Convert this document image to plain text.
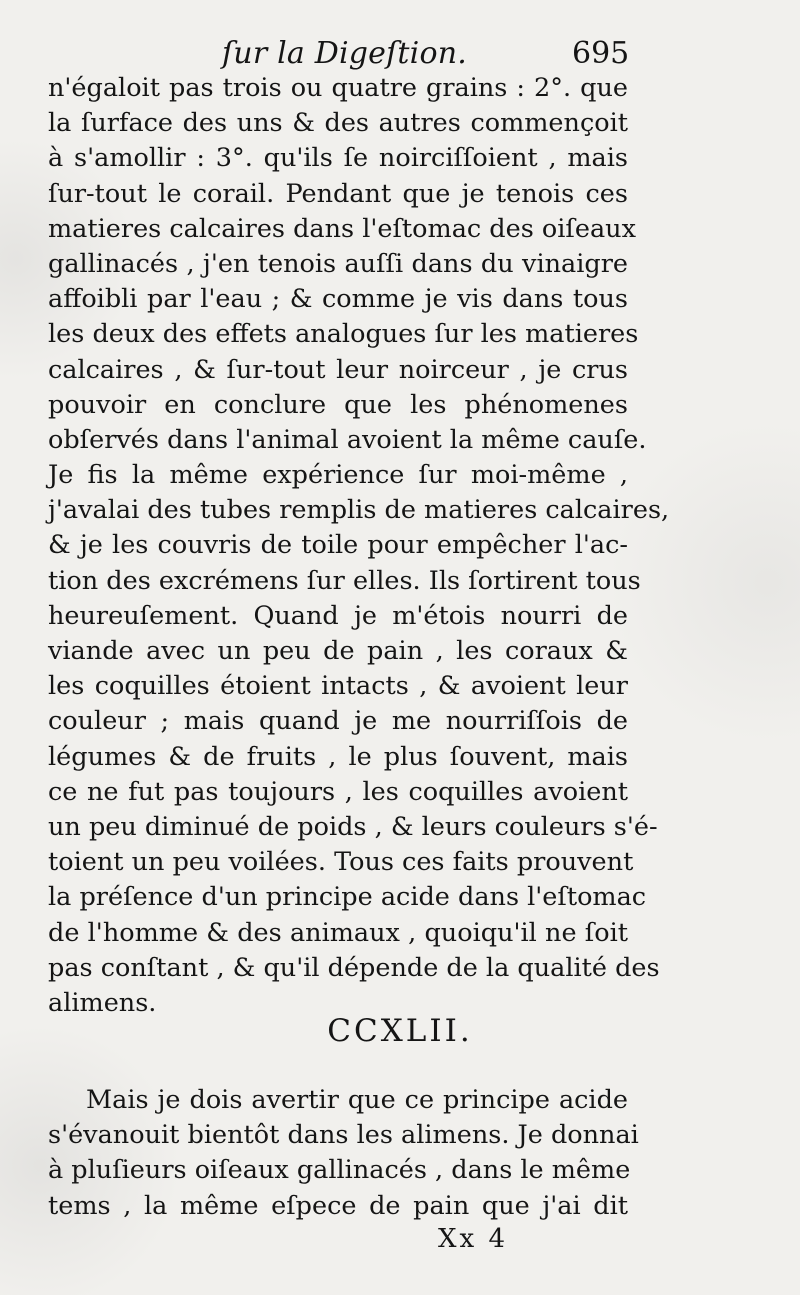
ſur la Digeſtion.	695
n'égaloit pas trois ou quatre grains : 2°. que
la ſurface des uns & des autres commençoit
à s'amollir : 3°. qu'ils ſe noirciſſoient , mais
ſur-tout le corail. Pendant que je tenois ces
matieres calcaires dans l'eſtomac des oiſeaux
gallinacés , j'en tenois auſſi dans du vinaigre
affoibli par l'eau ; & comme je vis dans tous
les deux des effets analogues ſur les matieres
calcaires , & ſur-tout leur noirceur , je crus
pouvoir en conclure que les phénomenes
obſervés dans l'animal avoient la même cauſe.
Je fis la même expérience ſur moi-même ,
j'avalai des tubes remplis de matieres calcaires,
& je les couvris de toile pour empêcher l'ac-
tion des excrémens ſur elles. Ils ſortirent tous
heureuſement. Quand je m'étois nourri de
viande avec un peu de pain , les coraux &
les coquilles étoient intacts , & avoient leur
couleur ; mais quand je me nourriſſois de
légumes & de fruits , le plus ſouvent, mais
ce ne fut pas toujours , les coquilles avoient
un peu diminué de poids , & leurs couleurs s'é-
toient un peu voilées. Tous ces faits prouvent
la préſence d'un principe acide dans l'eſtomac
de l'homme & des animaux , quoiqu'il ne ſoit
pas conſtant , & qu'il dépende de la qualité des
alimens.
CCXLII.
Mais je dois avertir que ce principe acide
s'évanouit bientôt dans les alimens. Je donnai
à pluſieurs oiſeaux gallinacés , dans le même
tems , la même eſpece de pain que j'ai dit
Xx 4
